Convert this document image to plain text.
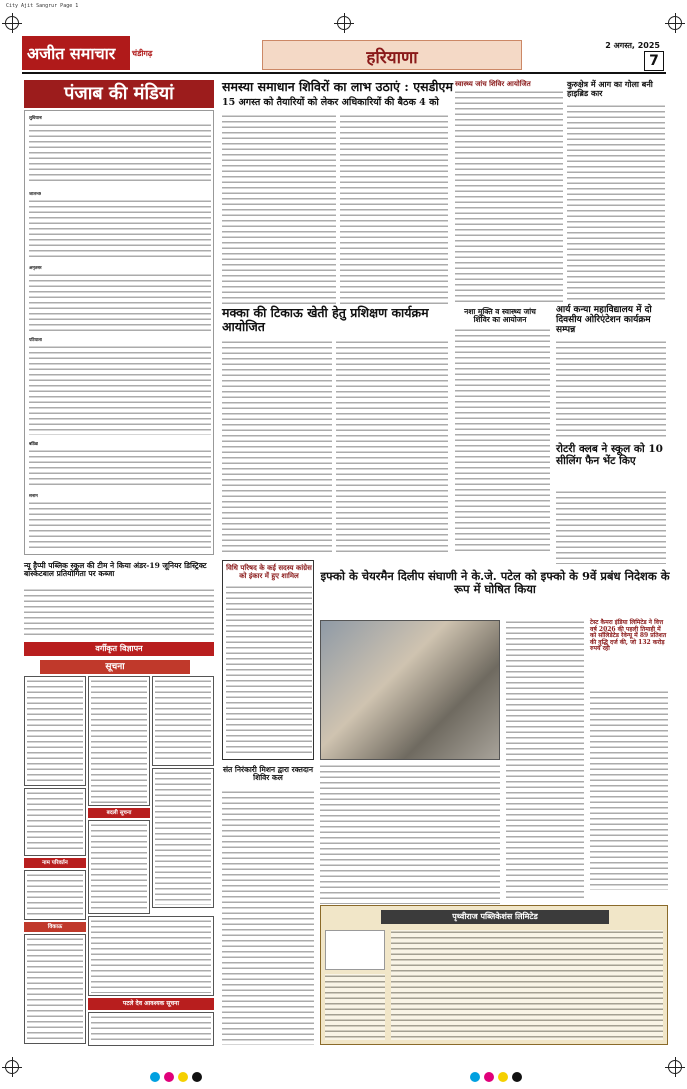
City Ajit Sangrur Page 1
अजीत समाचार	चंडीगढ़	हरियाणा
2 अगस्त, 2025
7
पंजाब की मंडियां
लुधियाना
जालन्धर
अमृतसर
पटियाला
बठिंडा
सनाम
समस्या समाधान शिविरों का लाभ उठाएं : एसडीएम
15 अगस्त को तैयारियों को लेकर अधिकारियों की बैठक 4 को
स्वास्थ्य जांच शिविर आयोजित	कुरुक्षेत्र में आग का गोला बनी हाइब्रिड कार
मक्का की टिकाऊ खेती हेतु प्रशिक्षण कार्यक्रम आयोजित
नशा मुक्ति व स्वास्थ्य जांच शिविर का आयोजन
आर्य कन्या महाविद्यालय में दो दिवसीय ओरिएंटेशन कार्यक्रम सम्पन्न
रोटरी क्लब ने स्कूल को 10 सीलिंग फैन भेंट किए
न्यू हैप्पी पब्लिक स्कूल की टीम ने किया अंडर-19 जूनियर डिस्ट्रिक्ट बास्केटबाल प्रतियोगिता पर कब्जा
वर्गीकृत विज्ञापन
सूचना
बदली सूचना
नाम परिवर्तन
विकाऊ
पटले देव आवश्यक सूचना
विधि परिषद के कई सदस्य कांग्रेस को इंकार में हुए शामिल	इफ्को के चेयरमैन दिलीप संघाणी ने के.जे. पटेल को इफ्को के 9वें प्रबंध निदेशक के रूप में घोषित किया
संत निरंकारी मिशन द्वारा रक्तदान शिविर कल
टेस्ट कैमरा इंडिया लिमिटेड ने वित्त वर्ष 2026 की पहली तिमाही में को सॉलिडेटेड रेवेन्यू में 89 प्रतिशत की वृद्धि दर्ज की, जो 132 करोड़ रुपये रही
पृथ्वीराज पब्लिकेशंस लिमिटेड
